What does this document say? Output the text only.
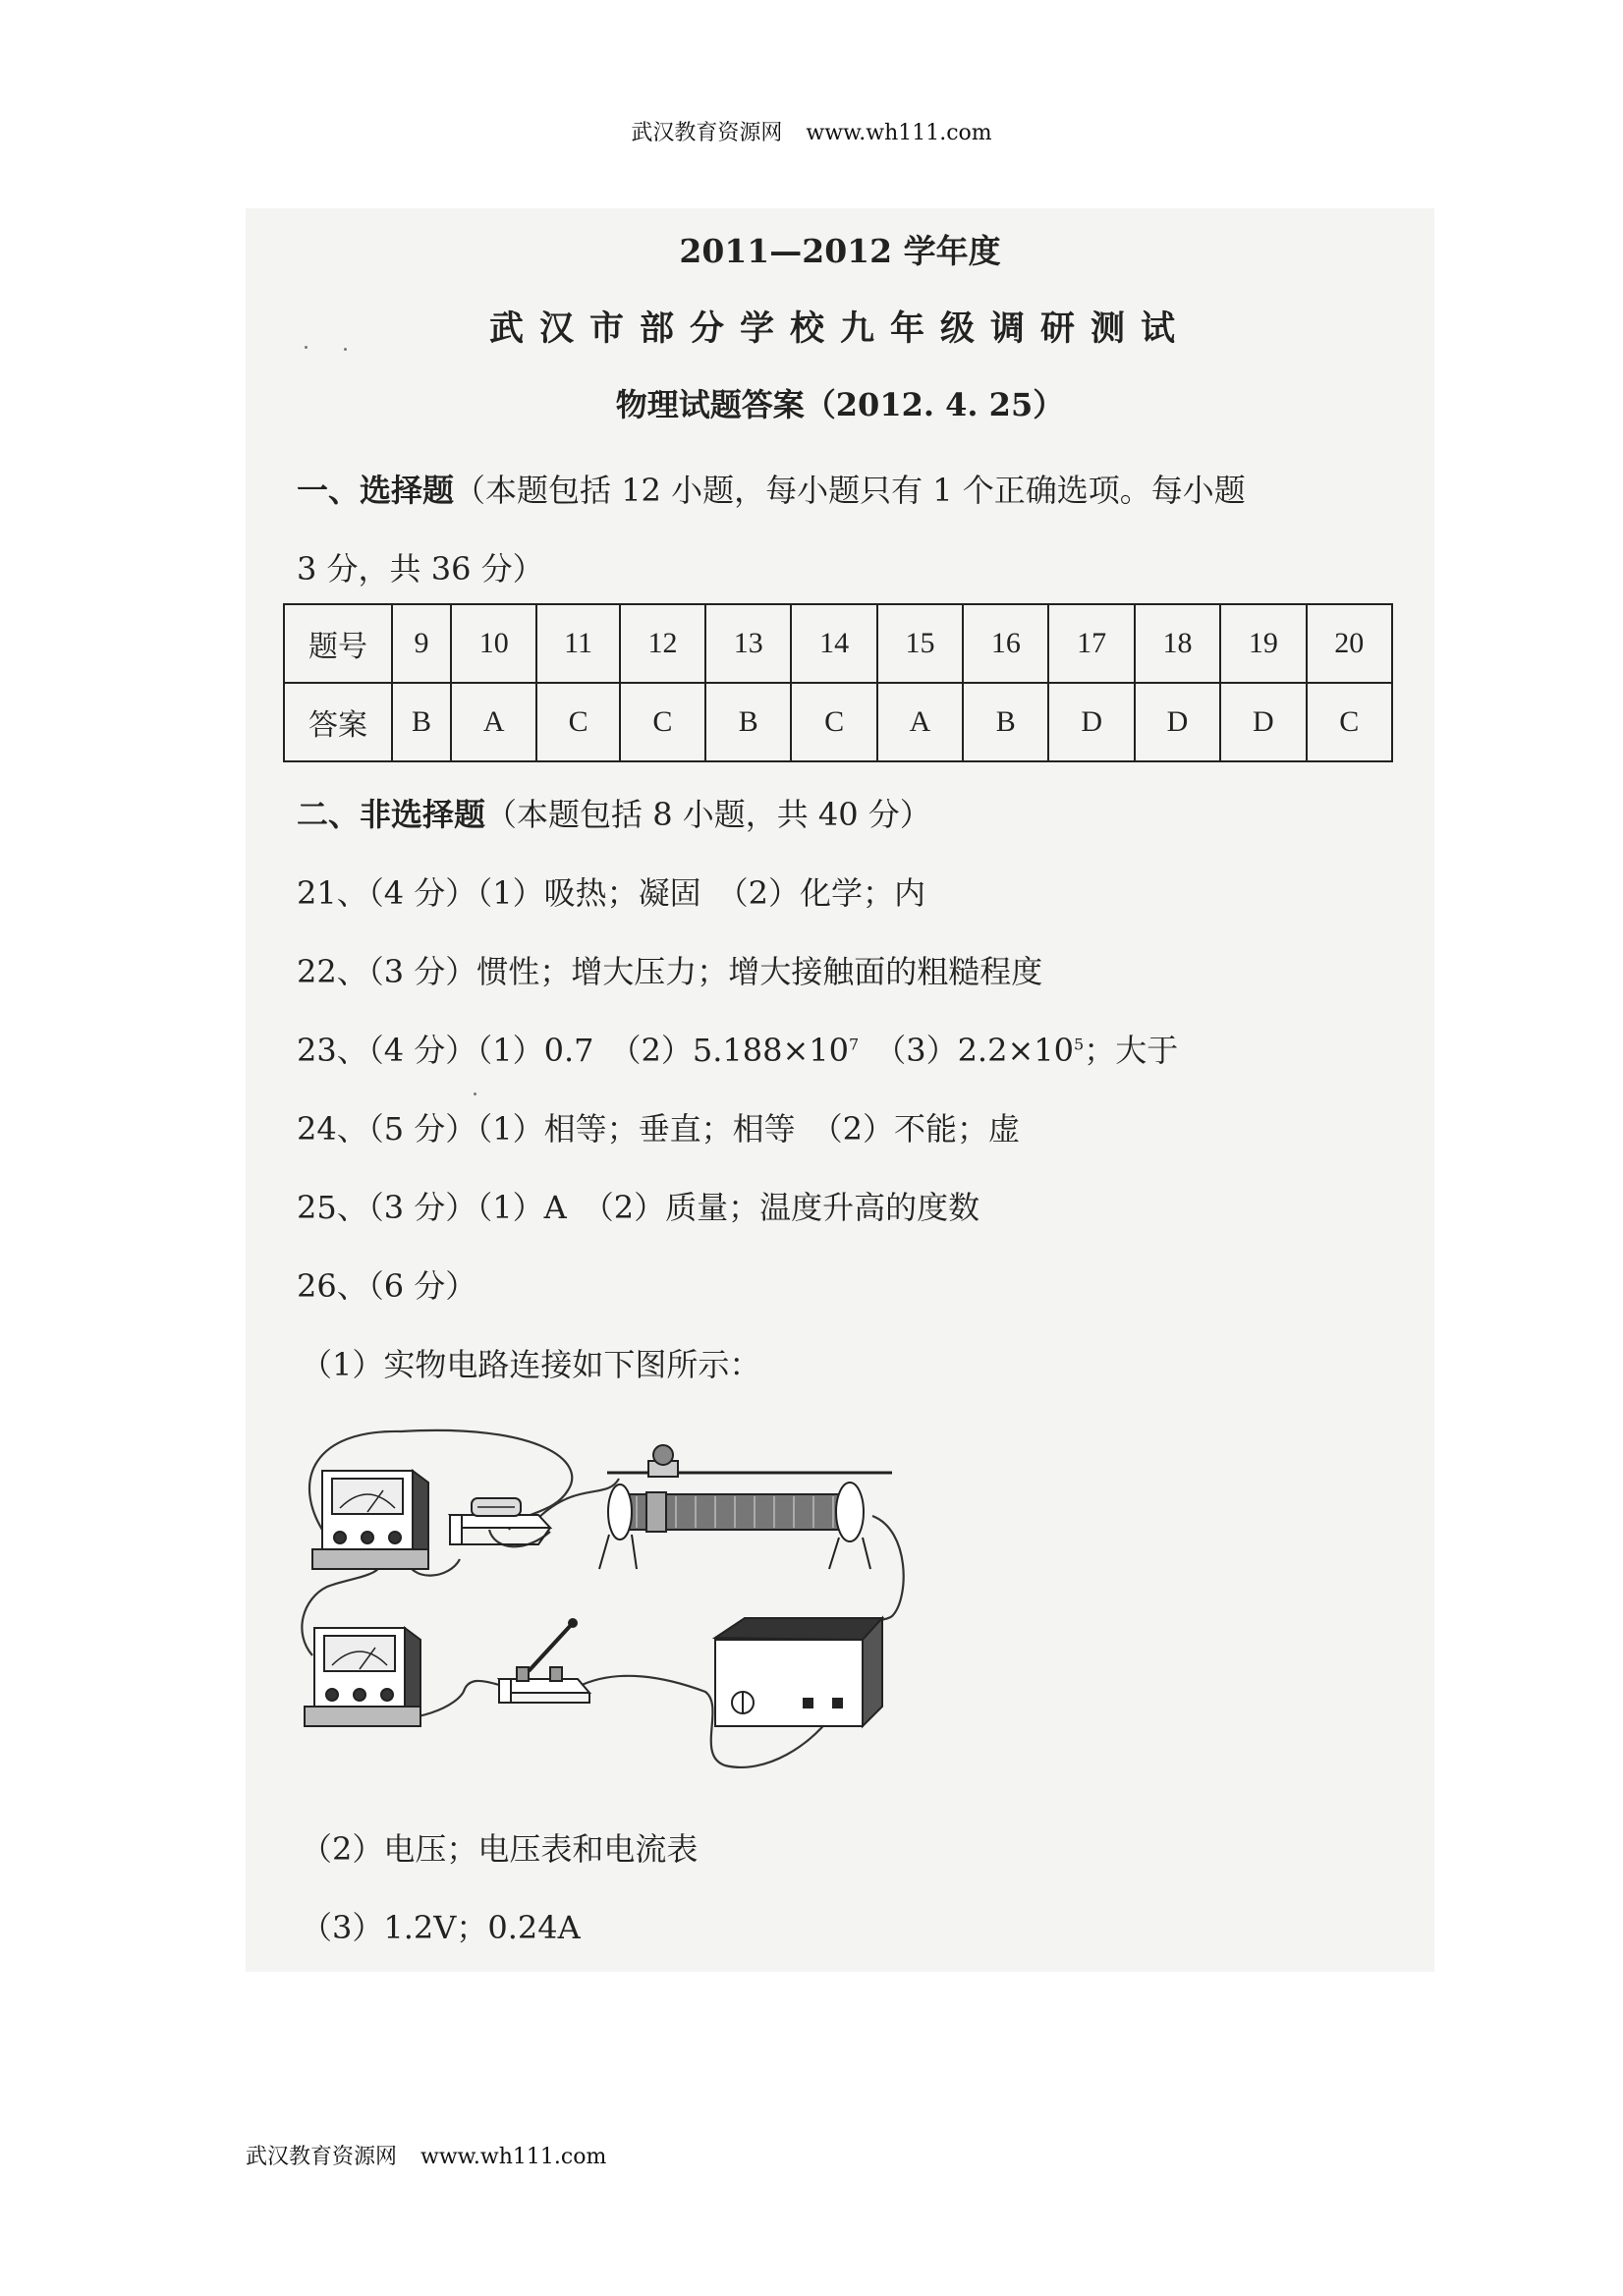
武汉教育资源网 www.wh111.com
2011—2012 学年度
武汉市部分学校九年级调研测试
物理试题答案（2012. 4. 25）
一、选择题（本题包括 12 小题，每小题只有 1 个正确选项。每小题
3 分，共 36 分）
题号	9	10	11	12	13	14	15	16	17	18	19	20
答案	B	A	C	C	B	C	A	B	D	D	D	C
二、非选择题（本题包括 8 小题，共 40 分）
21、（4 分）（1）吸热；凝固　（2）化学；内
22、（3 分）惯性；增大压力；增大接触面的粗糙程度
23、（4 分）（1）0.7　$(2)5.188\times 10^7$　$(3)2.2\times 10^5$；大于
24、（5 分）（1）相等；垂直；相等　（2）不能；虚
25、（3 分）（1）A　（2）质量；温度升高的度数
26、（6 分）
（1）实物电路连接如下图所示：
（2）电压；电压表和电流表
（3）1.2V；0.24A
武汉教育资源网 www.wh111.com
